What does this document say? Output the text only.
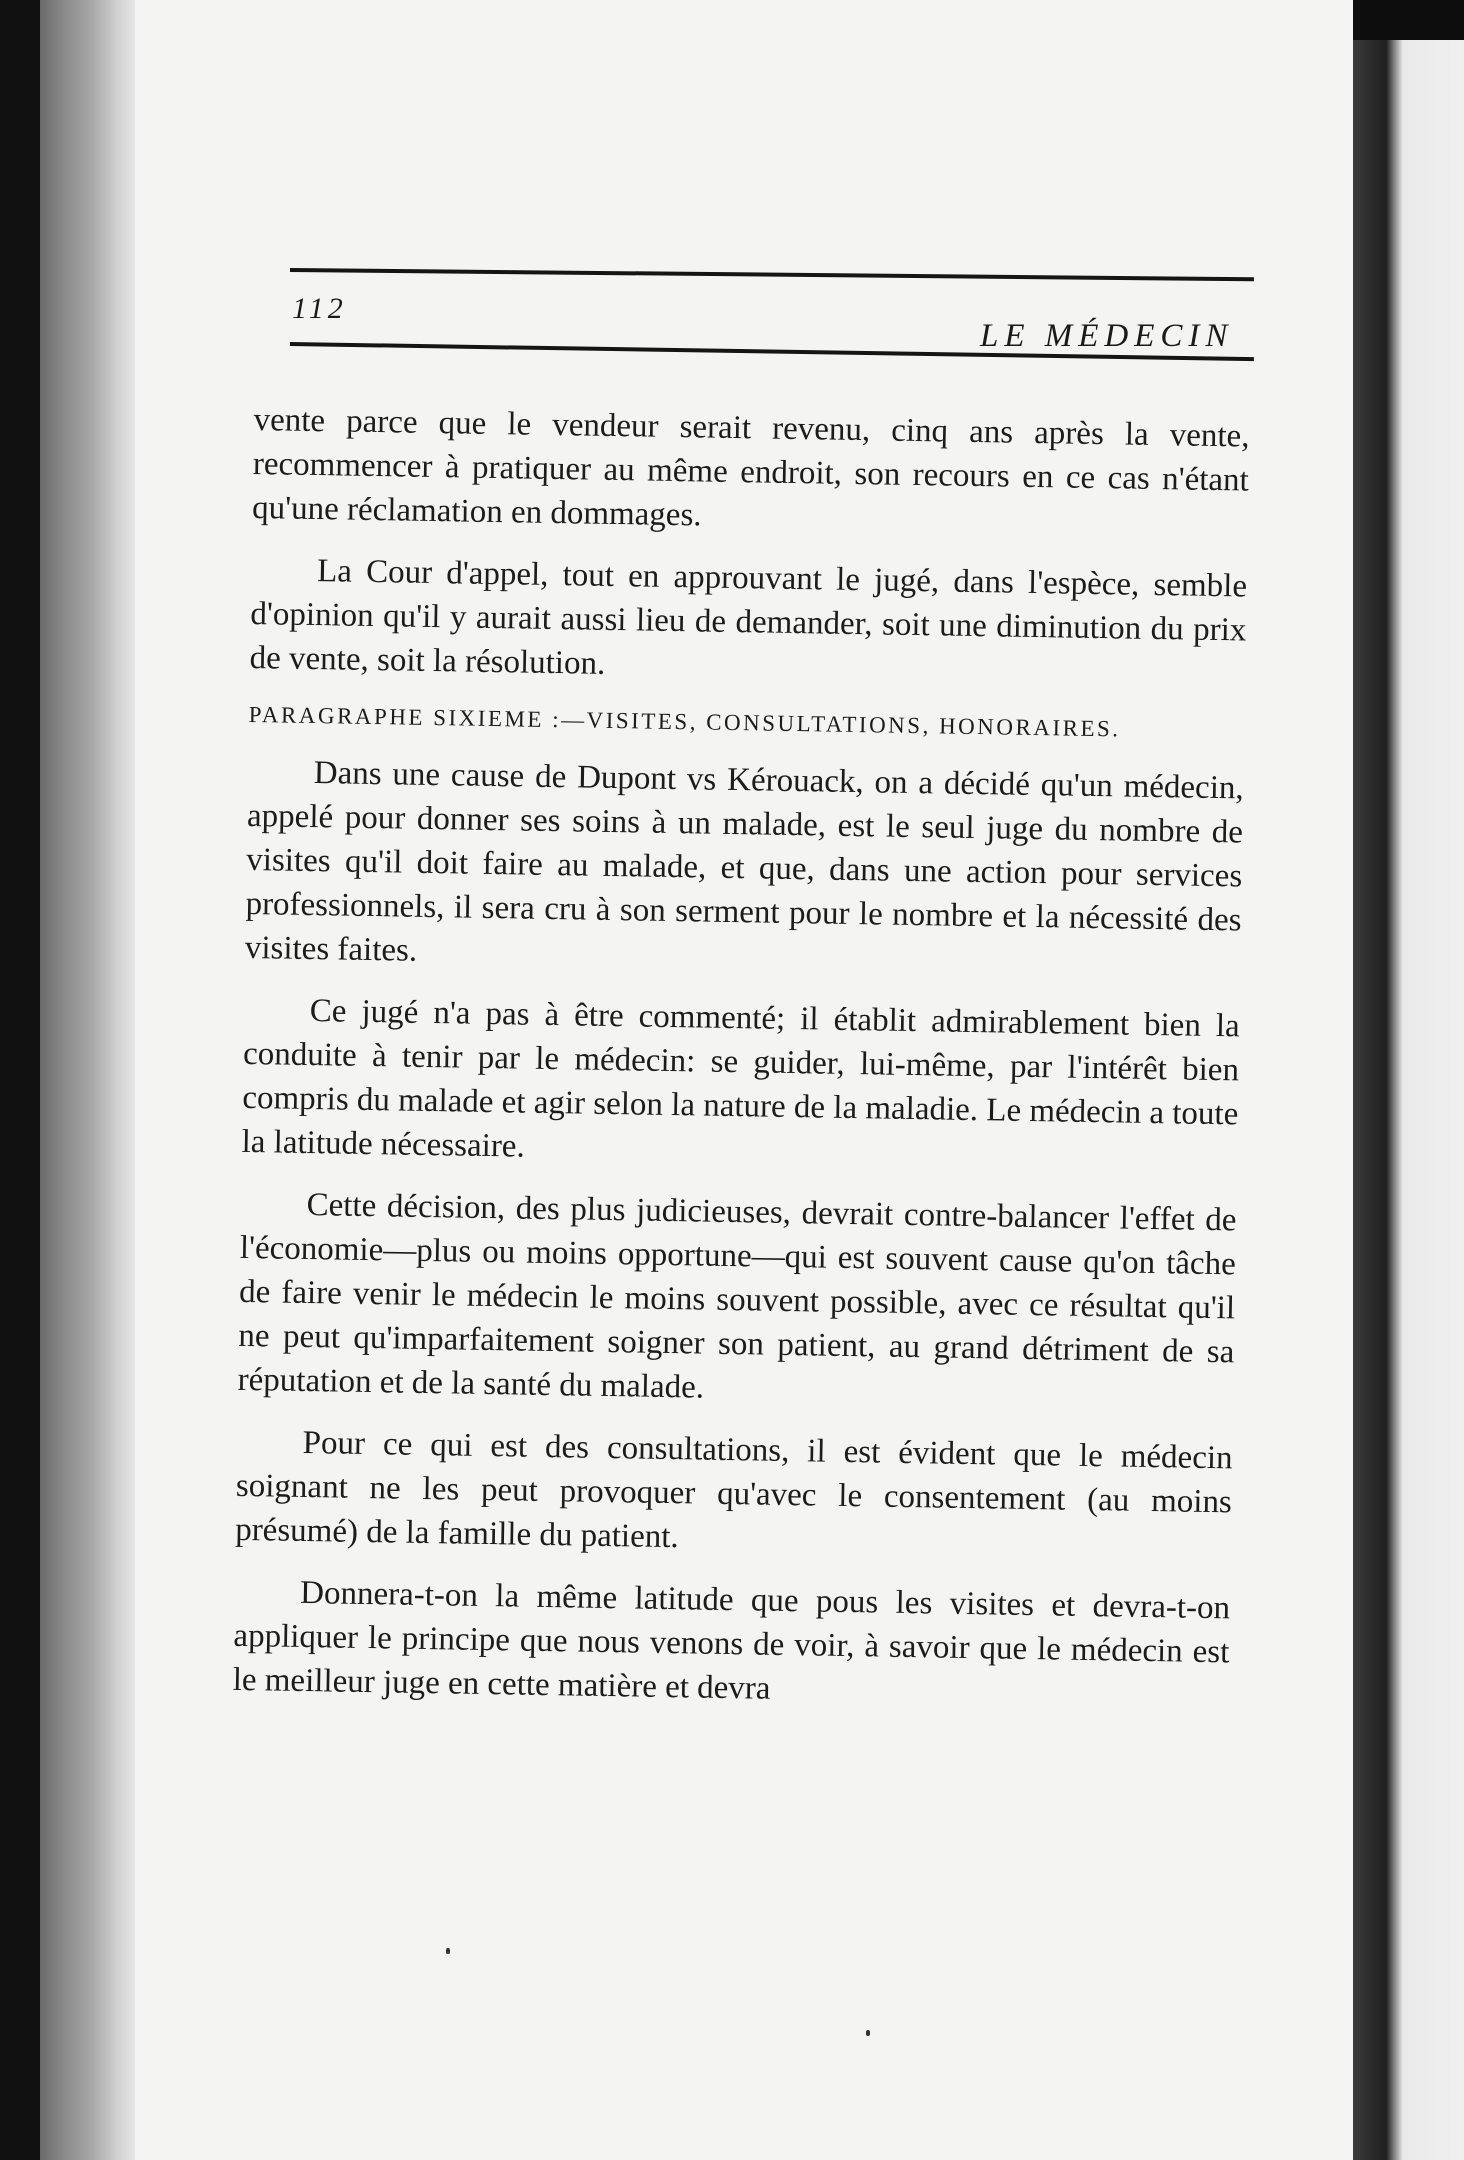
112
LE MÉDECIN

vente parce que le vendeur serait revenu, cinq ans après la vente, recommencer à pratiquer au même endroit, son recours en ce cas n'étant qu'une réclamation en dommages.

La Cour d'appel, tout en approuvant le jugé, dans l'espèce, semble d'opinion qu'il y aurait aussi lieu de demander, soit une diminution du prix de vente, soit la résolution.

PARAGRAPHE SIXIEME :—VISITES, CONSULTATIONS, HONORAIRES.

Dans une cause de Dupont vs Kérouack, on a décidé qu'un médecin, appelé pour donner ses soins à un malade, est le seul juge du nombre de visites qu'il doit faire au malade, et que, dans une action pour services professionnels, il sera cru à son serment pour le nombre et la nécessité des visites faites.

Ce jugé n'a pas à être commenté; il établit admirablement bien la conduite à tenir par le médecin: se guider, lui-même, par l'intérêt bien compris du malade et agir selon la nature de la maladie. Le médecin a toute la latitude nécessaire.

Cette décision, des plus judicieuses, devrait contre-balancer l'effet de l'économie—plus ou moins opportune—qui est souvent cause qu'on tâche de faire venir le médecin le moins souvent possible, avec ce résultat qu'il ne peut qu'imparfaitement soigner son patient, au grand détriment de sa réputation et de la santé du malade.

Pour ce qui est des consultations, il est évident que le médecin soignant ne les peut provoquer qu'avec le consentement (au moins présumé) de la famille du patient.

Donnera-t-on la même latitude que pous les visites et devra-t-on appliquer le principe que nous venons de voir, à savoir que le médecin est le meilleur juge en cette matière et devra
